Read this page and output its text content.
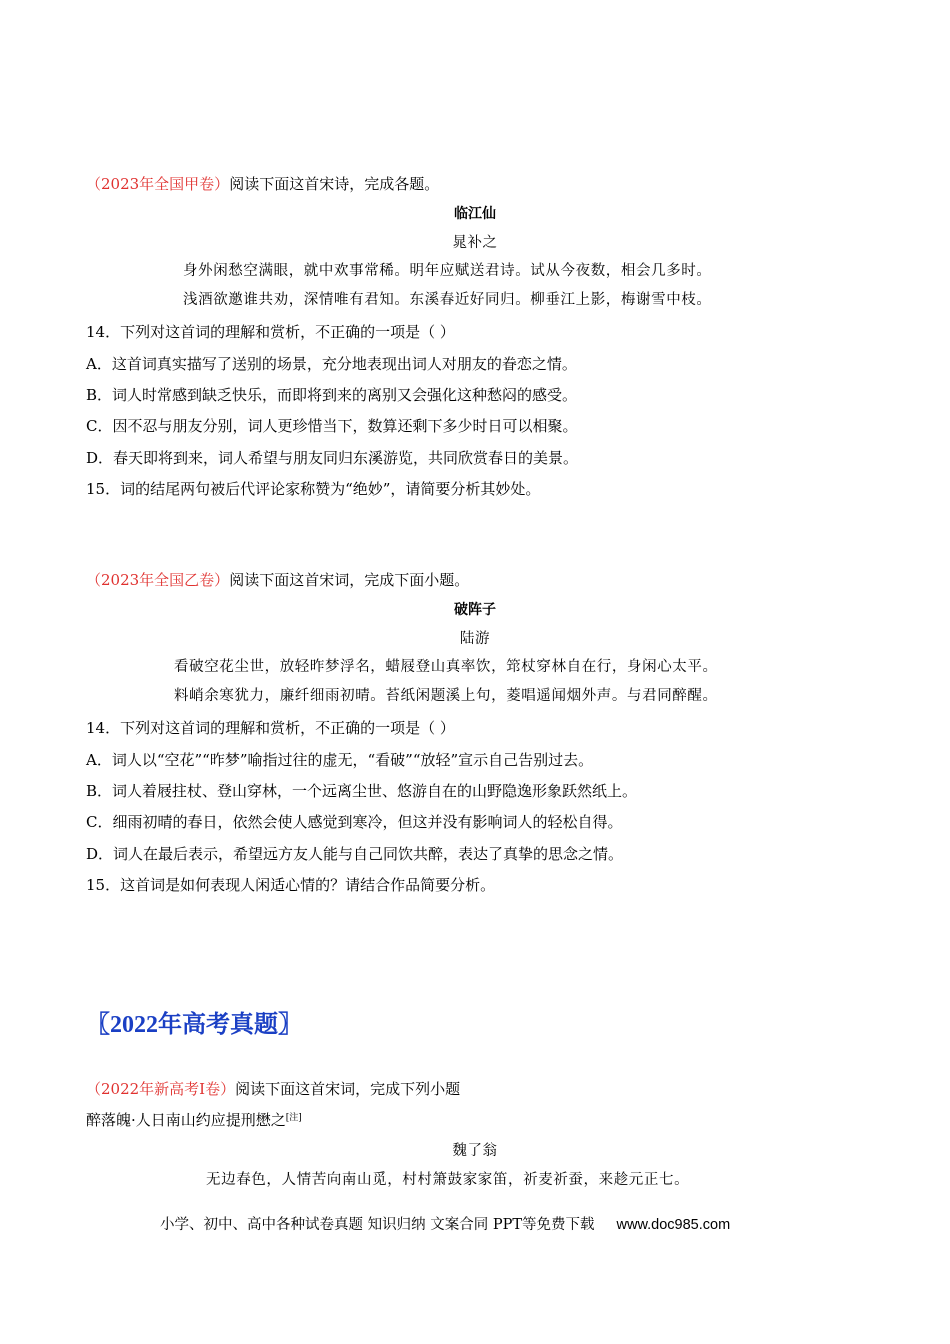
（2023年全国甲卷）阅读下面这首宋诗，完成各题。
临江仙
晁补之
身外闲愁空满眼，就中欢事常稀。明年应赋送君诗。试从今夜数，相会几多时。
浅酒欲邀谁共劝，深情唯有君知。东溪春近好同归。柳垂江上影，梅谢雪中枝。
14．下列对这首词的理解和赏析，不正确的一项是（ ）
A．这首词真实描写了送别的场景，充分地表现出词人对朋友的眷恋之情。
B．词人时常感到缺乏快乐，而即将到来的离别又会强化这种愁闷的感受。
C．因不忍与朋友分别，词人更珍惜当下，数算还剩下多少时日可以相聚。
D．春天即将到来，词人希望与朋友同归东溪游览，共同欣赏春日的美景。
15．词的结尾两句被后代评论家称赞为“绝妙”，请简要分析其妙处。
（2023年全国乙卷）阅读下面这首宋词，完成下面小题。
破阵子
陆游
看破空花尘世，放轻昨梦浮名，蜡屐登山真率饮，筇杖穿林自在行，身闲心太平。
料峭余寒犹力，廉纤细雨初晴。苔纸闲题溪上句，菱唱遥闻烟外声。与君同醉醒。
14．下列对这首词的理解和赏析，不正确的一项是（ ）
A．词人以“空花”“昨梦”喻指过往的虚无，“看破”“放轻”宣示自己告别过去。
B．词人着屐拄杖、登山穿林，一个远离尘世、悠游自在的山野隐逸形象跃然纸上。
C．细雨初晴的春日，依然会使人感觉到寒冷，但这并没有影响词人的轻松自得。
D．词人在最后表示，希望远方友人能与自己同饮共醉，表达了真挚的思念之情。
15．这首词是如何表现人闲适心情的？请结合作品简要分析。
〖2022年高考真题〗
（2022年新高考Ⅰ卷）阅读下面这首宋词，完成下列小题
醉落魄·人日南山约应提刑懋之[注]
魏了翁
无边春色，人情苦向南山觅，村村箫鼓家家笛，祈麦祈蚕，来趁元正七。
小学、初中、高中各种试卷真题 知识归纳 文案合同 PPT等免费下载 www.doc985.com
